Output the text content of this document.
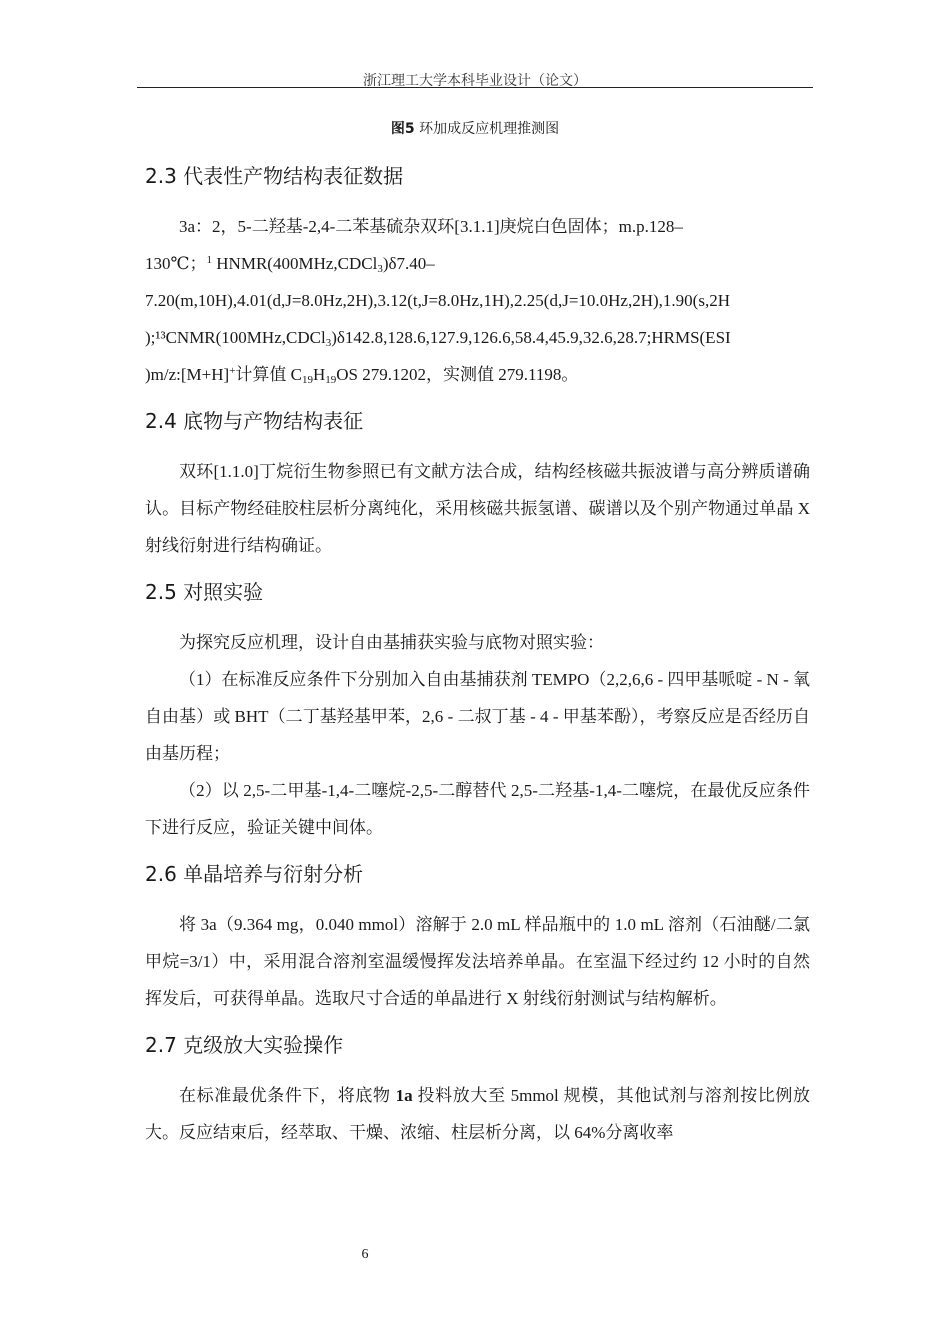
浙江理工大学本科毕业设计（论文）
图5 环加成反应机理推测图
2.3 代表性产物结构表征数据

3a：2，5-二羟基-2,4-二苯基硫杂双环[3.1.1]庚烷白色固体；m.p.128–

130℃；$^1$ HNMR(400MHz,CDCl$_3$)δ7.40–

7.20(m,10H),4.01(d,J=8.0Hz,2H),3.12(t,J=8.0Hz,1H),2.25(d,J=10.0Hz,2H),1.90(s,2H

);¹³CNMR(100MHz,CDCl$_3$)δ142.8,128.6,127.9,126.6,58.4,45.9,32.6,28.7;HRMS(ESI

)m/z:[M+H]+计算值 $C_{19}H_{19}OS$ 279.1202，实测值 279.1198。

2.4 底物与产物结构表征

双环[1.1.0]丁烷衍生物参照已有文献方法合成，结构经核磁共振波谱与高分辨质谱确认。目标产物经硅胶柱层析分离纯化，采用核磁共振氢谱、碳谱以及个别产物通过单晶 X 射线衍射进行结构确证。

2.5 对照实验

为探究反应机理，设计自由基捕获实验与底物对照实验：

（1）在标准反应条件下分别加入自由基捕获剂 TEMPO（2,2,6,6 - 四甲基哌啶 - N - 氧自由基）或 BHT（二丁基羟基甲苯，2,6 - 二叔丁基 - 4 - 甲基苯酚），考察反应是否经历自由基历程；

（2）以 2,5-二甲基-1,4-二噻烷-2,5-二醇替代 2,5-二羟基-1,4-二噻烷，在最优反应条件下进行反应，验证关键中间体。

2.6 单晶培养与衍射分析

将 3a（9.364 mg，0.040 mmol）溶解于 2.0 mL 样品瓶中的 1.0 mL 溶剂（石油醚/二氯甲烷=3/1）中，采用混合溶剂室温缓慢挥发法培养单晶。在室温下经过约 12 小时的自然挥发后，可获得单晶。选取尺寸合适的单晶进行 X 射线衍射测试与结构解析。

2.7 克级放大实验操作

在标准最优条件下，将底物 1a 投料放大至 5mmol 规模，其他试剂与溶剂按比例放大。反应结束后，经萃取、干燥、浓缩、柱层析分离，以 64%分离收率

6
